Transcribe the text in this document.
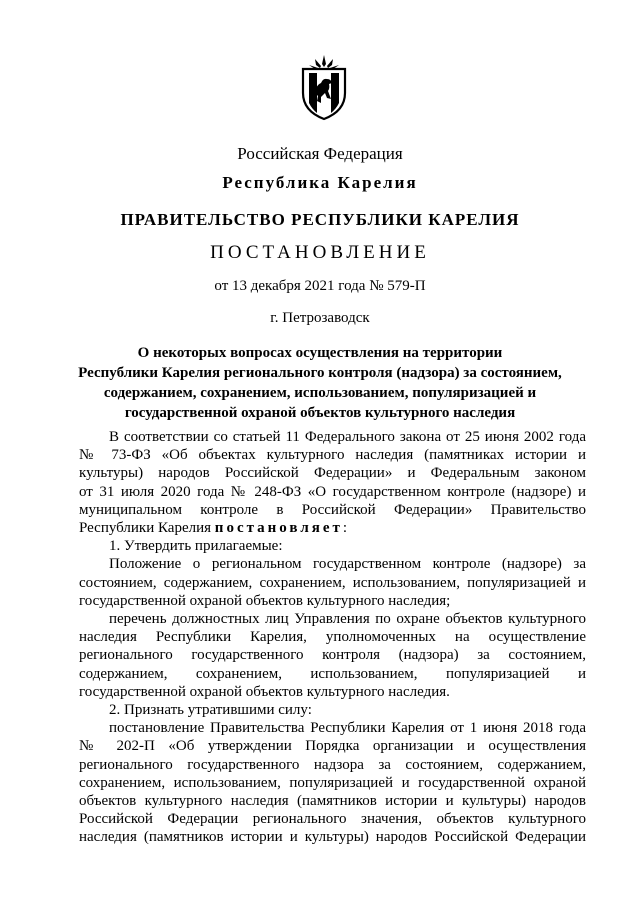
Российская Федерация
Республика Карелия
ПРАВИТЕЛЬСТВО РЕСПУБЛИКИ КАРЕЛИЯ
ПОСТАНОВЛЕНИЕ
от 13 декабря 2021 года № 579-П
г. Петрозаводск
О некоторых вопросах осуществления на территории
Республики Карелия регионального контроля (надзора) за состоянием,
содержанием, сохранением, использованием, популяризацией и
государственной охраной объектов культурного наследия
В соответствии со статьей 11 Федерального закона от 25 июня 2002 года
№ 73-ФЗ «Об объектах культурного наследия (памятниках истории и
культуры) народов Российской Федерации» и Федеральным законом
от 31 июля 2020 года № 248-ФЗ «О государственном контроле (надзоре) и
муниципальном контроле в Российской Федерации» Правительство
Республики Карелия постановляет:
1. Утвердить прилагаемые:
Положение о региональном государственном контроле (надзоре) за
состоянием, содержанием, сохранением, использованием, популяризацией и
государственной охраной объектов культурного наследия;
перечень должностных лиц Управления по охране объектов культурного
наследия Республики Карелия, уполномоченных на осуществление
регионального государственного контроля (надзора) за состоянием,
содержанием, сохранением, использованием, популяризацией и
государственной охраной объектов культурного наследия.
2. Признать утратившими силу:
постановление Правительства Республики Карелия от 1 июня 2018 года
№ 202-П «Об утверждении Порядка организации и осуществления
регионального государственного надзора за состоянием, содержанием,
сохранением, использованием, популяризацией и государственной охраной
объектов культурного наследия (памятников истории и культуры) народов
Российской Федерации регионального значения, объектов культурного
наследия (памятников истории и культуры) народов Российской Федерации
